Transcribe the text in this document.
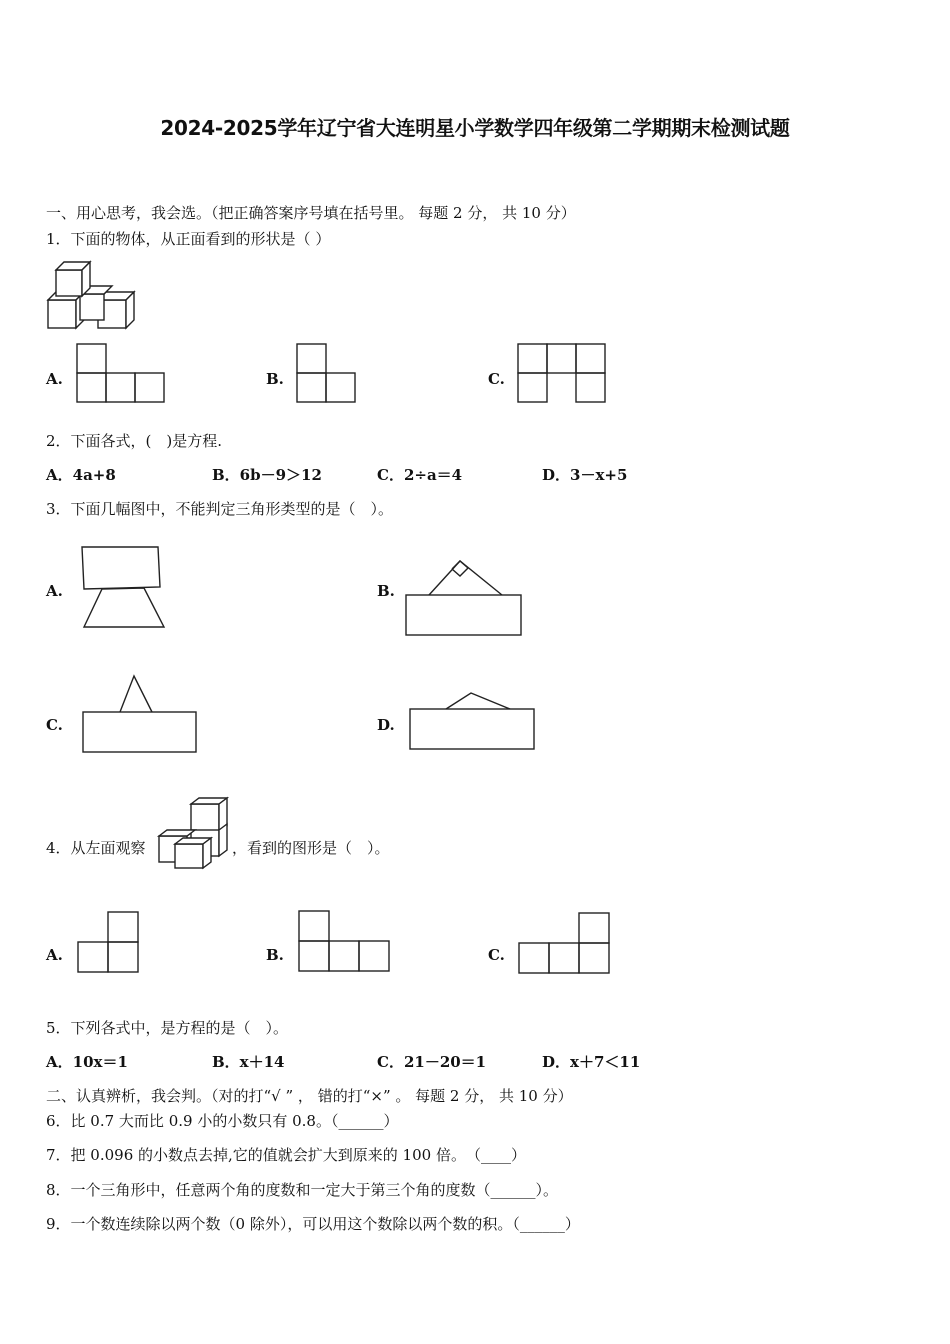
2024-2025学年辽宁省大连明星小学数学四年级第二学期期末检测试题
一、用心思考，我会选。（把正确答案序号填在括号里。 每题 2 分， 共 10 分）
1．下面的物体，从正面看到的形状是（ ）
A.	B.	C.
2．下面各式，(　)是方程.
A．4a+8	B．6b－9＞12	C．2÷a＝4	D．3－x+5
3．下面几幅图中，不能判定三角形类型的是（　）。
A.	B.
C.	D.
4．从左面观察	，看到的图形是（　）。
A.	B.	C.
5．下列各式中，是方程的是（　）。
A．10x＝1	B．x＋14	C．21－20＝1	D．x＋7＜11
二、认真辨析，我会判。（对的打“√ ” ， 错的打“×” 。 每题 2 分， 共 10 分）
6．比 0.7 大而比 0.9 小的小数只有 0.8。（______）
7．把 0.096 的小数点去掉,它的值就会扩大到原来的 100 倍。　（____）
8．一个三角形中，任意两个角的度数和一定大于第三个角的度数（______）。
9．一个数连续除以两个数（0 除外），可以用这个数除以两个数的积。（______）
